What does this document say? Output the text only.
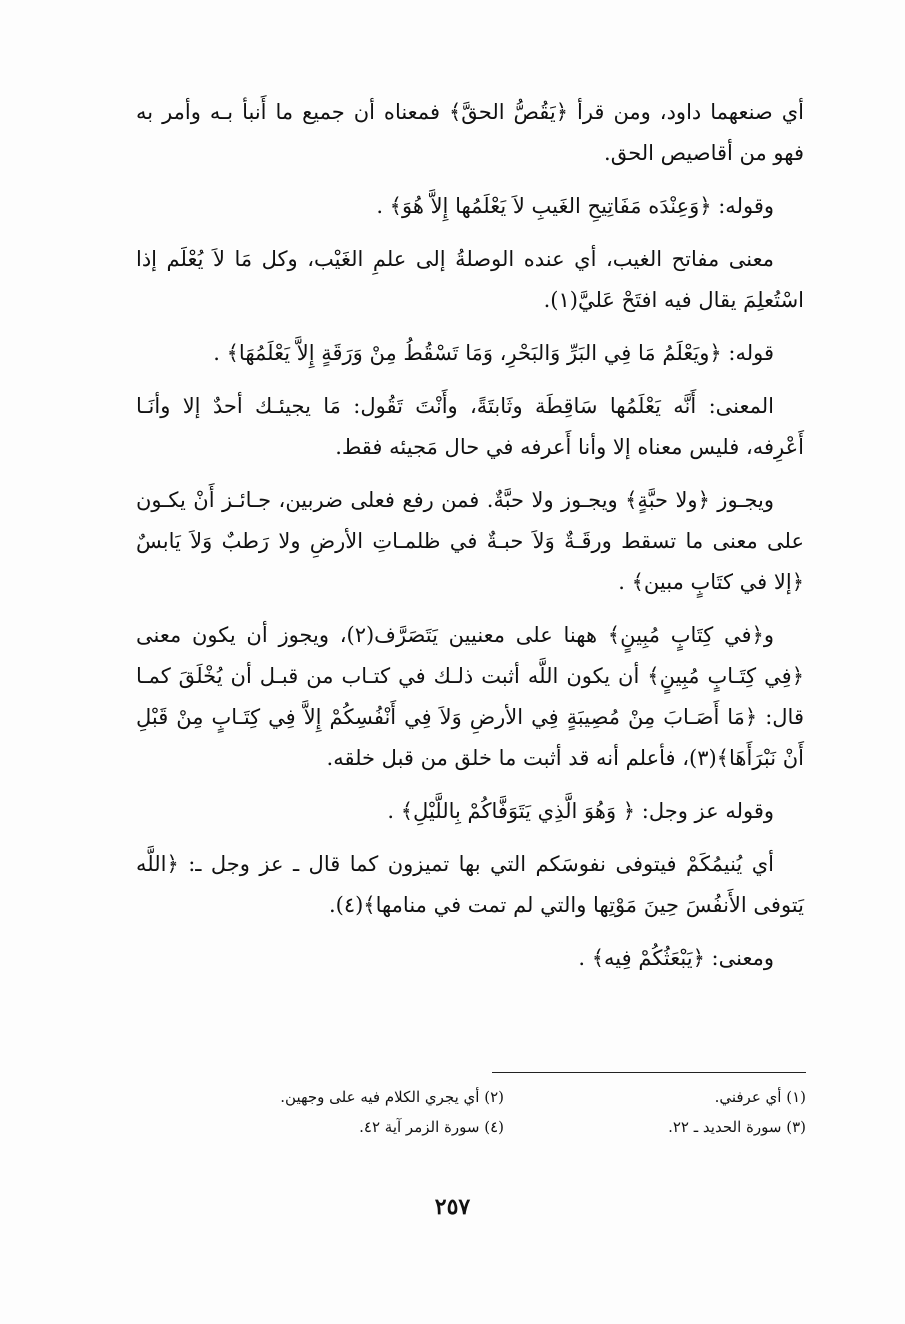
أي صنعهما داود، ومن قرأ ﴿يَقُصُّ الحقَّ﴾ فمعناه أن جميع ما أَنبأ بـه وأمر به فهو من أقاصيص الحق.

وقوله: ﴿وَعِنْدَه مَفَاتِيحِ الغَيبِ لاَ يَعْلَمُها إِلاَّ هُوَ﴾ .

معنى مفاتح الغيب، أي عنده الوصلةُ إلى علمِ الغَيْب، وكل مَا لاَ يُعْلَم إذا اسْتُعلِمَ يقال فيه افتَحْ عَليَّ(١).

قوله: ﴿ويَعْلَمُ مَا فِي البَرِّ وَالبَحْرِ، وَمَا تَسْقُطُ مِنْ وَرَقَةٍ إِلاَّ يَعْلَمُهَا﴾ .

المعنى: أَنَّه يَعْلَمُها سَاقِطَة وثَابتَةً، وأَنْتَ تَقُول: مَا يجيئـك أحدٌ إلا وأنَـا أَعْرِفه، فليس معناه إلا وأنا أَعرفه في حال مَجيئه فقط.

ويجـوز ﴿ولا حبَّةٍ﴾ ويجـوز ولا حبَّةٌ. فمن رفع فعلى ضربين، جـائـز أَنْ يكـون على معنى ما تسقط ورقَـةٌ وَلاَ حبـةٌ في ظلمـاتِ الأرضِ ولا رَطبٌ وَلاَ يَابسٌ ﴿إلا في كتَابٍ مبين﴾ .

و﴿في كِتَابٍ مُبِينٍ﴾ ههنا على معنيين يَتَصَرَّف(٢)، ويجوز أن يكون معنى ﴿فِي كِتَـابٍ مُبِينٍ﴾ أن يكون اللَّه أثبت ذلـك في كتـاب من قبـل أن يُخْلَقَ كمـا قال: ﴿مَا أَصَـابَ مِنْ مُصِيبَةٍ فِي الأرضِ وَلاَ فِي أَنْفُسِكُمْ إِلاَّ فِي كِتَـابٍ مِنْ قَبْلِ أَنْ نَبْرَأَهَا﴾(٣)، فأعلم أنه قد أثبت ما خلق من قبل خلقه.

وقوله عز وجل: ﴿ وَهُوَ الَّذِي يَتَوَفَّاكُمْ بِاللَّيْلِ﴾ .

أي يُنيمُكَمْ فيتوفى نفوسَكم التي بها تميزون كما قال ـ عز وجل ـ: ﴿اللَّه يَتوفى الأَنفُسَ حِينَ مَوْتِها والتي لم تمت في منامها﴾(٤).

ومعنى: ﴿يَبْعَثُكُمْ فِيه﴾ .

(١) أي عرفني.
(٢) أي يجري الكلام فيه على وجهين.
(٣) سورة الحديد ـ ٢٢.
(٤) سورة الزمر آية ٤٢.
٢٥٧
